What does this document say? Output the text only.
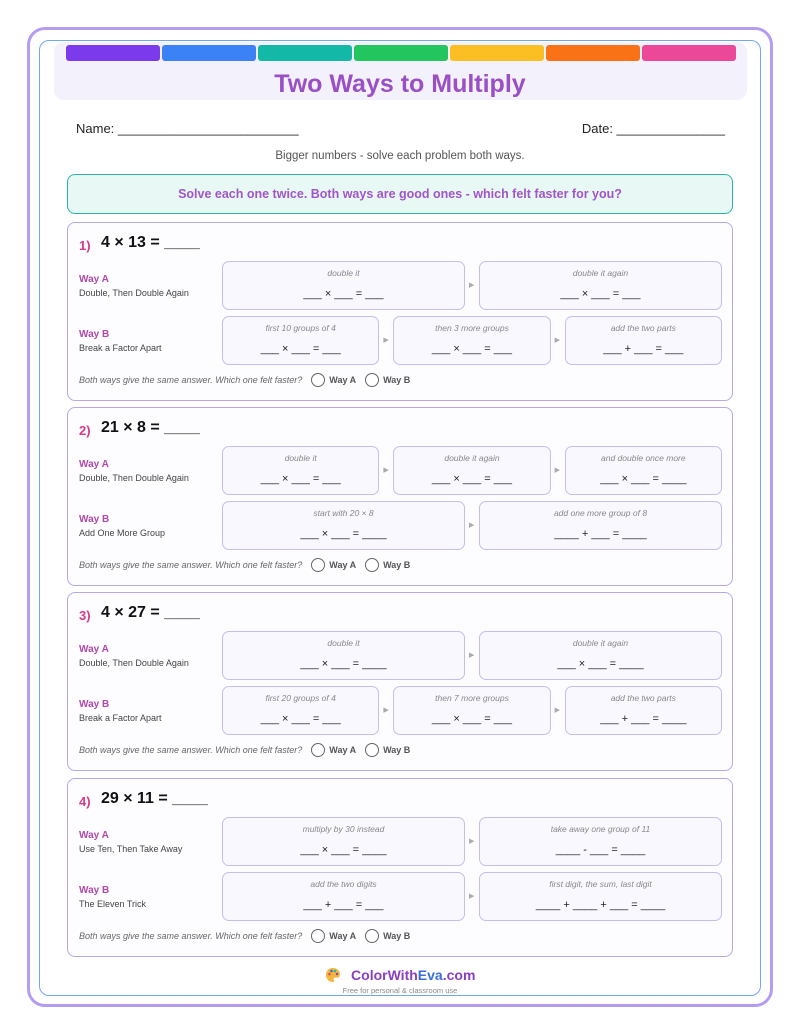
Two Ways to Multiply
Name: _________________________	Date: _______________
Bigger numbers - solve each problem both ways.
Solve each one twice. Both ways are good ones - which felt faster for you?
1) 4 × 13 = ____
Way A
Double, Then Double Again
double it
___ × ___ = ___
▶
double it again
___ × ___ = ___
Way B
Break a Factor Apart
first 10 groups of 4
___ × ___ = ___
▶
then 3 more groups
___ × ___ = ___
▶
add the two parts
___ + ___ = ___
Both ways give the same answer. Which one felt faster?	Way A	Way B
2) 21 × 8 = ____
Way A
Double, Then Double Again
double it
___ × ___ = ___
▶
double it again
___ × ___ = ___
▶
and double once more
___ × ___ = ____
Way B
Add One More Group
start with 20 × 8
___ × ___ = ____
▶
add one more group of 8
____ + ___ = ____
Both ways give the same answer. Which one felt faster?	Way A	Way B
3) 4 × 27 = ____
Way A
Double, Then Double Again
double it
___ × ___ = ____
▶
double it again
___ × ___ = ____
Way B
Break a Factor Apart
first 20 groups of 4
___ × ___ = ___
▶
then 7 more groups
___ × ___ = ___
▶
add the two parts
___ + ___ = ____
Both ways give the same answer. Which one felt faster?	Way A	Way B
4) 29 × 11 = ____
Way A
Use Ten, Then Take Away
multiply by 30 instead
___ × ___ = ____
▶
take away one group of 11
____ - ___ = ____
Way B
The Eleven Trick
add the two digits
___ + ___ = ___
▶
first digit, the sum, last digit
____ + ____ + ___ = ____
Both ways give the same answer. Which one felt faster?	Way A	Way B
ColorWithEva.com
Free for personal & classroom use
